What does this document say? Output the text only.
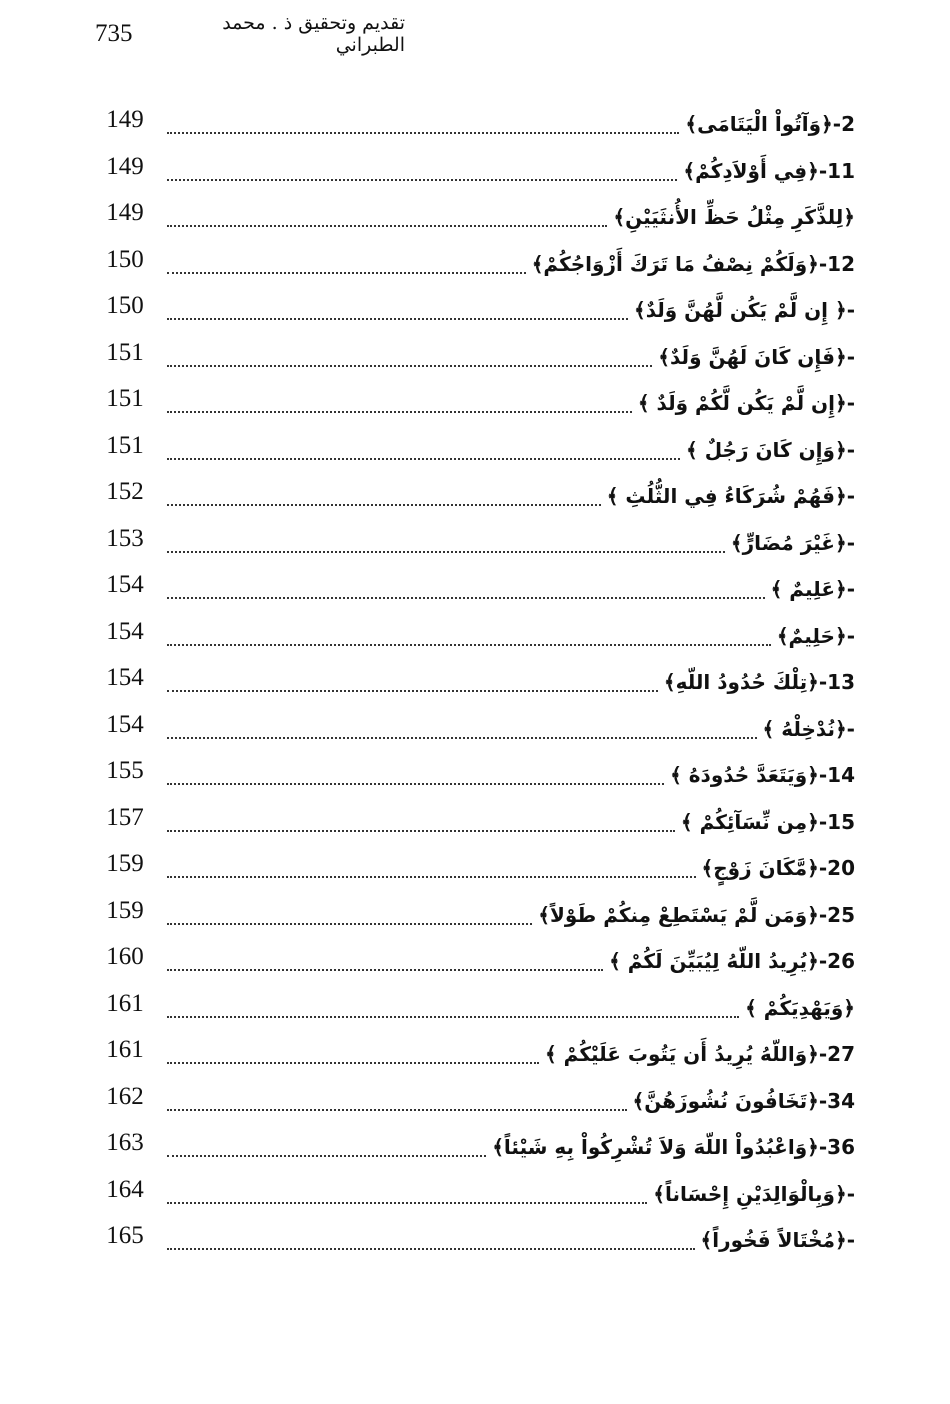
735	تقديم وتحقيق ذ . محمد الطبراني
149	2-﴿وَآتُواْ الْيَتَامَى﴾
149	11-﴿فِي أَوْلاَدِكُمْ﴾
149	﴿لِلذَّكَرِ مِثْلُ حَظِّ الأُنثَيَيْنِ﴾
150	12-﴿وَلَكُمْ نِصْفُ مَا تَرَكَ أَزْوَاجُكُمْ﴾
150	-﴿ إِن لَّمْ يَكُن لَّهُنَّ وَلَدٌ﴾
151	-﴿فَإِن كَانَ لَهُنَّ وَلَدٌ﴾
151	-﴿إِن لَّمْ يَكُن لَّكُمْ وَلَدٌ ﴾
151	-﴿وَإِن كَانَ رَجُلٌ ﴾
152	-﴿فَهُمْ شُرَكَاءُ فِي الثُّلُثِ ﴾
153	-﴿غَيْرَ مُضَارٍّ﴾
154	-﴿عَلِيمٌ ﴾
154	-﴿حَلِيمٌ﴾
154	13-﴿تِلْكَ حُدُودُ اللّهِ﴾
154	-﴿نُدْخِلْهُ ﴾
155	14-﴿وَيَتَعَدَّ حُدُودَهُ ﴾
157	15-﴿مِن نِّسَآئِكُمْ ﴾
159	20-﴿مَّكَانَ زَوْجٍ﴾
159	25-﴿وَمَن لَّمْ يَسْتَطِعْ مِنكُمْ طَوْلاً﴾
160	26-﴿يُرِيدُ اللّهُ لِيُبَيِّنَ لَكُمْ ﴾
161	﴿وَيَهْدِيَكُمْ ﴾
161	27-﴿وَاللّهُ يُرِيدُ أَن يَتُوبَ عَلَيْكُمْ ﴾
162	34-﴿تَخَافُونَ نُشُوزَهُنَّ﴾
163	36-﴿وَاعْبُدُواْ اللّهَ وَلاَ تُشْرِكُواْ بِهِ شَيْئاً﴾
164	-﴿وَبِالْوَالِدَيْنِ إِحْسَاناً﴾
165	-﴿مُخْتَالاً فَخُوراً﴾
